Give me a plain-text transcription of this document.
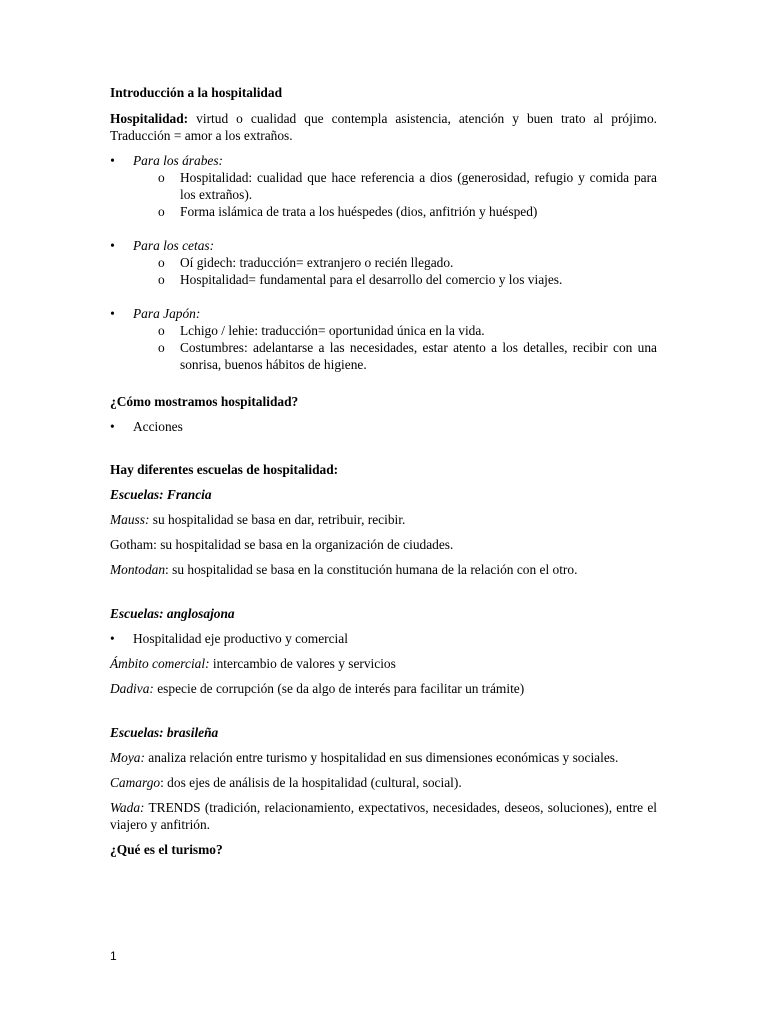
Introducción a la hospitalidad

Hospitalidad: virtud o cualidad que contempla asistencia, atención y buen trato al prójimo. Traducción = amor a los extraños.

• Para los árabes:
o Hospitalidad: cualidad que hace referencia a dios (generosidad, refugio y comida para los extraños).
o Forma islámica de trata a los huéspedes (dios, anfitrión y huésped)
• Para los cetas:
o Oí gidech: traducción= extranjero o recién llegado.
o Hospitalidad= fundamental para el desarrollo del comercio y los viajes.
• Para Japón:
o Lchigo / lehie: traducción= oportunidad única en la vida.
o Costumbres: adelantarse a las necesidades, estar atento a los detalles, recibir con una sonrisa, buenos hábitos de higiene.

¿Cómo mostramos hospitalidad?

• Acciones

Hay diferentes escuelas de hospitalidad:

Escuelas: Francia

Mauss: su hospitalidad se basa en dar, retribuir, recibir.

Gotham: su hospitalidad se basa en la organización de ciudades.

Montodan: su hospitalidad se basa en la constitución humana de la relación con el otro.

Escuelas: anglosajona

• Hospitalidad eje productivo y comercial

Ámbito comercial: intercambio de valores y servicios

Dadiva: especie de corrupción (se da algo de interés para facilitar un trámite)

Escuelas: brasileña

Moya: analiza relación entre turismo y hospitalidad en sus dimensiones económicas y sociales.

Camargo: dos ejes de análisis de la hospitalidad (cultural, social).

Wada: TRENDS (tradición, relacionamiento, expectativos, necesidades, deseos, soluciones), entre el viajero y anfitrión.

¿Qué es el turismo?

1
